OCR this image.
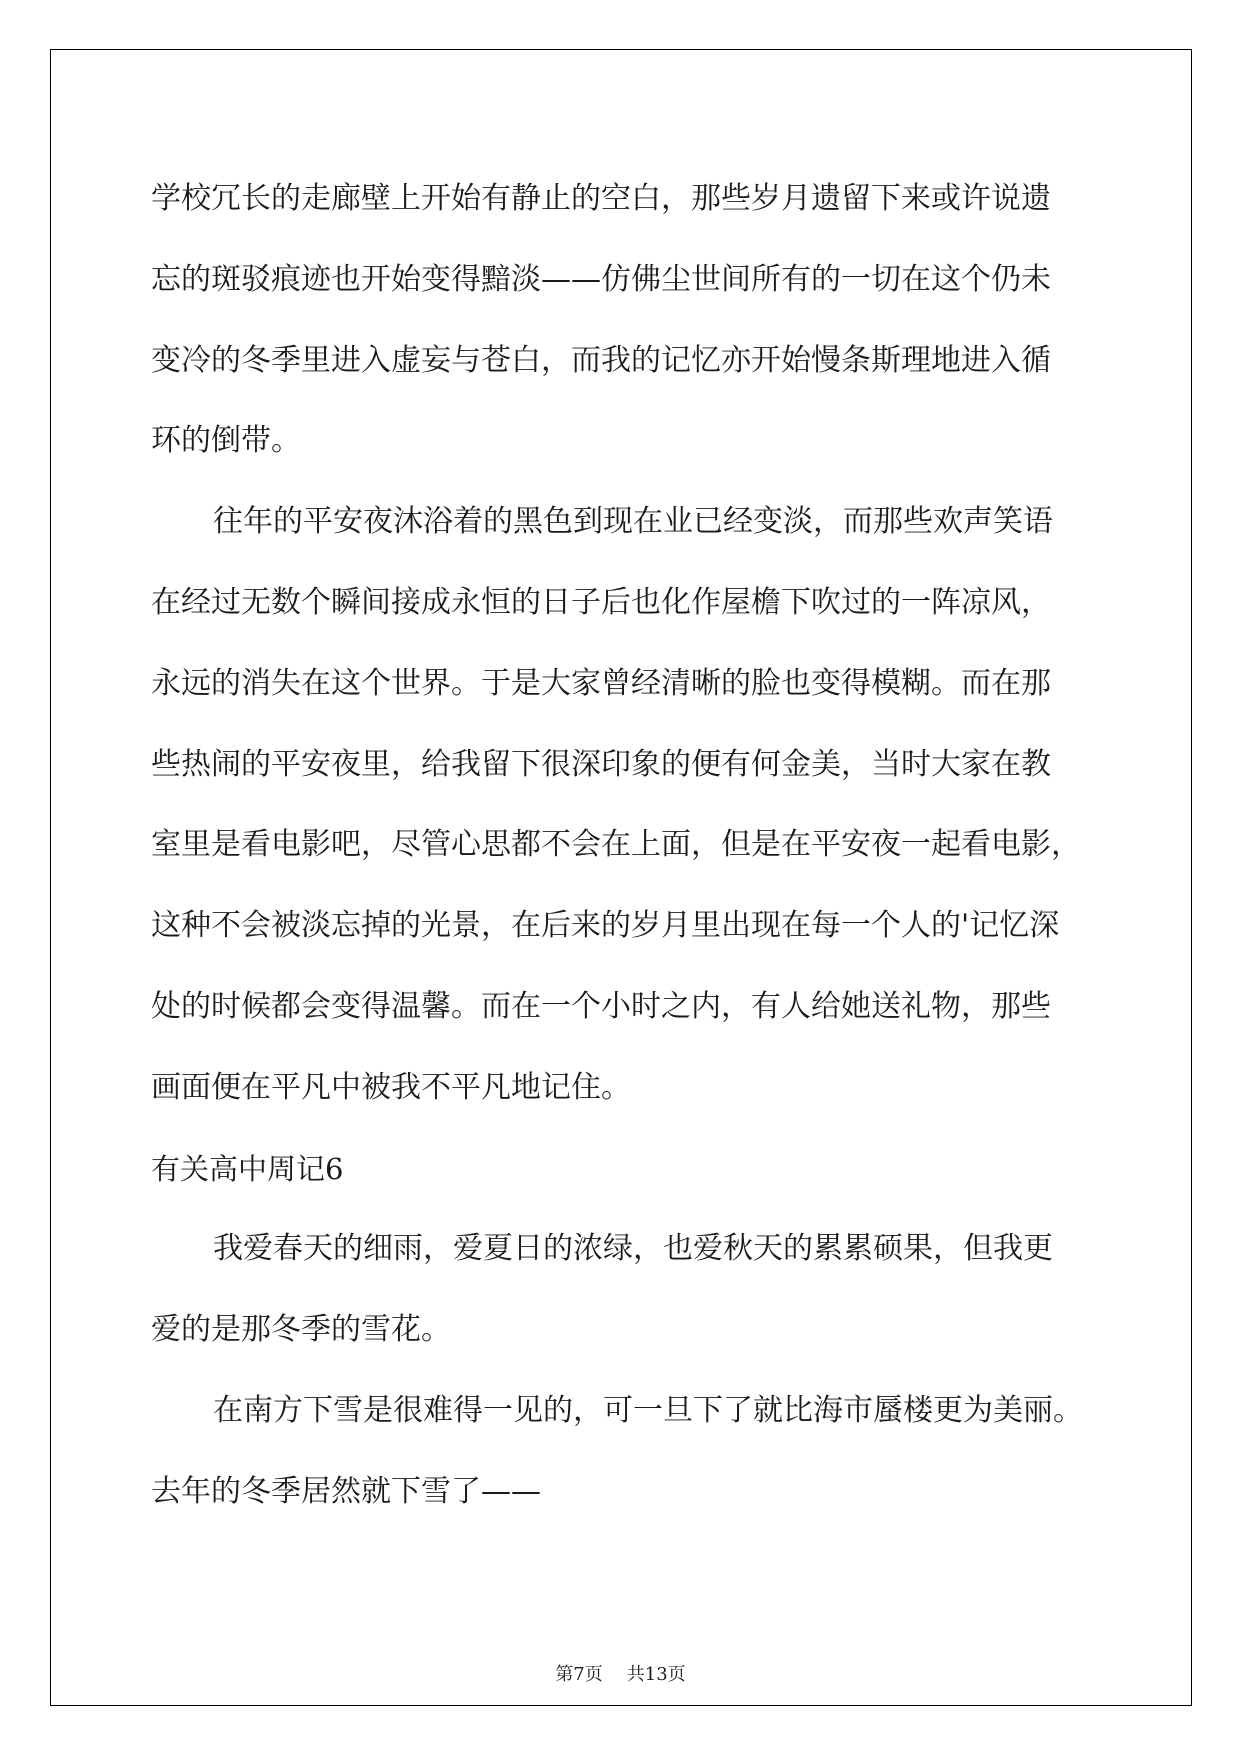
学校冗长的走廊壁上开始有静止的空白，那些岁月遗留下来或许说遗
忘的斑驳痕迹也开始变得黯淡——仿佛尘世间所有的一切在这个仍未
变冷的冬季里进入虚妄与苍白，而我的记忆亦开始慢条斯理地进入循
环的倒带。
往年的平安夜沐浴着的黑色到现在业已经变淡，而那些欢声笑语
在经过无数个瞬间接成永恒的日子后也化作屋檐下吹过的一阵凉风，
永远的消失在这个世界。于是大家曾经清晰的脸也变得模糊。而在那
些热闹的平安夜里，给我留下很深印象的便有何金美，当时大家在教
室里是看电影吧，尽管心思都不会在上面，但是在平安夜一起看电影，
这种不会被淡忘掉的光景，在后来的岁月里出现在每一个人的'记忆深
处的时候都会变得温馨。而在一个小时之内，有人给她送礼物，那些
画面便在平凡中被我不平凡地记住。
有关高中周记6
我爱春天的细雨，爱夏日的浓绿，也爱秋天的累累硕果，但我更
爱的是那冬季的雪花。
在南方下雪是很难得一见的，可一旦下了就比海市蜃楼更为美丽。
去年的冬季居然就下雪了——
第7页 共13页
